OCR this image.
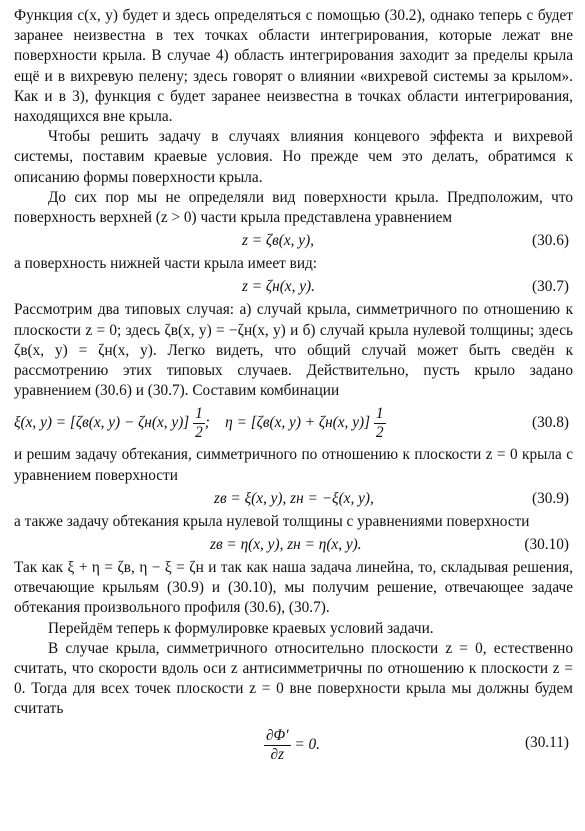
Функция c(x, y) будет и здесь определяться с помощью (30.2), однако теперь c будет заранее неизвестна в тех точках области интегрирования, которые лежат вне поверхности крыла. В случае 4) область интегрирования заходит за пределы крыла ещё и в вихревую пелену; здесь говорят о влиянии «вихревой системы за крылом». Как и в 3), функция c будет заранее неизвестна в точках области интегрирования, находящихся вне крыла.

Чтобы решить задачу в случаях влияния концевого эффекта и вихревой системы, поставим краевые условия. Но прежде чем это делать, обратимся к описанию формы поверхности крыла.

До сих пор мы не определяли вид поверхности крыла. Предположим, что поверхность верхней (z > 0) части крыла представлена уравнением

z = ζв(x, y),	(30.6)

а поверхность нижней части крыла имеет вид:

z = ζн(x, y).	(30.7)

Рассмотрим два типовых случая: а) случай крыла, симметричного по отношению к плоскости z = 0; здесь ζв(x, y) = −ζн(x, y) и б) случай крыла нулевой толщины; здесь ζв(x, y) = ζн(x, y). Легко видеть, что общий случай может быть сведён к рассмотрению этих типовых случаев. Действительно, пусть крыло задано уравнением (30.6) и (30.7). Составим комбинации

ξ(x, y) = [ζв(x, y) − ζн(x, $y)] \frac{1}{2}$ ; η = [ζв(x, y) + ζн(x, $y)] \frac{1}{2}$	(30.8)

и решим задачу обтекания, симметричного по отношению к плоскости z = 0 крыла с уравнением поверхности

zв = ξ(x, y), zн = −ξ(x, y),	(30.9)

а также задачу обтекания крыла нулевой толщины с уравнениями поверхности

zв = η(x, y), zн = η(x, y).	(30.10)

Так как ξ + η = ζв, η − ξ = ζн и так как наша задача линейна, то, складывая решения, отвечающие крыльям (30.9) и (30.10), мы получим решение, отвечающее задаче обтекания произвольного профиля (30.6), (30.7).

Перейдём теперь к формулировке краевых условий задачи.

В случае крыла, симметричного относительно плоскости z = 0, естественно считать, что скорости вдоль оси z антисимметричны по отношению к плоскости z = 0. Тогда для всех точек плоскости z = 0 вне поверхности крыла мы должны будем считать

$\frac{\partial\Phi'}{\partial z} = 0$.	(30.11)
